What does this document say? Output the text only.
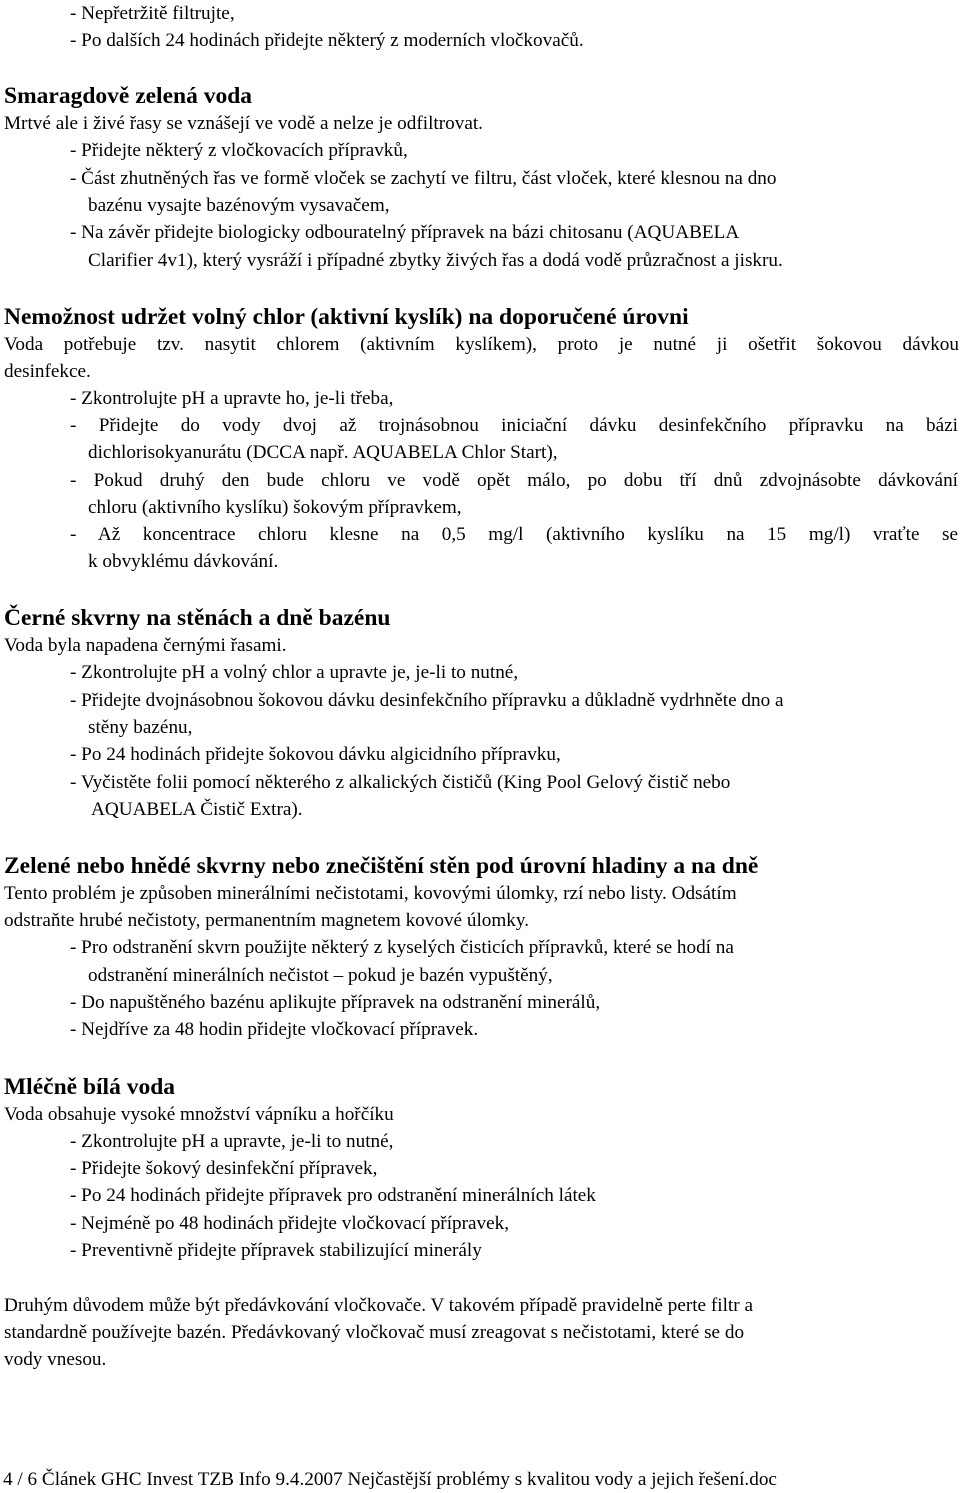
- Nepřetržitě filtrujte,
- Po dalších 24 hodinách přidejte některý z moderních vločkovačů.
Smaragdově zelená voda
Mrtvé ale i živé řasy se vznášejí ve vodě a nelze je odfiltrovat.
- Přidejte některý z vločkovacích přípravků,
- Část zhutněných řas ve formě vloček se zachytí ve filtru, část vloček, které klesnou na dno
bazénu vysajte bazénovým vysavačem,
- Na závěr přidejte biologicky odbouratelný přípravek na bázi chitosanu (AQUABELA
Clarifier 4v1), který vysráží i případné zbytky živých řas a dodá vodě průzračnost a jiskru.
Nemožnost udržet volný chlor (aktivní kyslík) na doporučené úrovni
Voda potřebuje tzv. nasytit chlorem (aktivním kyslíkem), proto je nutné ji ošetřit šokovou dávkou
desinfekce.
- Zkontrolujte pH a upravte ho, je-li třeba,
- Přidejte do vody dvoj až trojnásobnou iniciační dávku desinfekčního přípravku na bázi
dichlorisokyanurátu (DCCA např. AQUABELA Chlor Start),
- Pokud druhý den bude chloru ve vodě opět málo, po dobu tří dnů zdvojnásobte dávkování
chloru (aktivního kyslíku) šokovým přípravkem,
- Až koncentrace chloru klesne na 0,5 mg/l (aktivního kyslíku na 15 mg/l) vraťte se
k obvyklému dávkování.
Černé skvrny na stěnách a dně bazénu
Voda byla napadena černými řasami.
- Zkontrolujte pH a volný chlor a upravte je, je-li to nutné,
- Přidejte dvojnásobnou šokovou dávku desinfekčního přípravku a důkladně vydrhněte dno a
stěny bazénu,
- Po 24 hodinách přidejte šokovou dávku algicidního přípravku,
- Vyčistěte folii pomocí některého z alkalických čističů (King Pool Gelový čistič nebo
AQUABELA Čistič Extra).
Zelené nebo hnědé skvrny nebo znečištění stěn pod úrovní hladiny a na dně
Tento problém je způsoben minerálními nečistotami, kovovými úlomky, rzí nebo listy. Odsátím
odstraňte hrubé nečistoty, permanentním magnetem kovové úlomky.
- Pro odstranění skvrn použijte některý z kyselých čisticích přípravků, které se hodí na
odstranění minerálních nečistot – pokud je bazén vypuštěný,
- Do napuštěného bazénu aplikujte přípravek na odstranění minerálů,
- Nejdříve za 48 hodin přidejte vločkovací přípravek.
Mléčně bílá voda
Voda obsahuje vysoké množství vápníku a hořčíku
- Zkontrolujte pH a upravte, je-li to nutné,
- Přidejte šokový desinfekční přípravek,
- Po 24 hodinách přidejte přípravek pro odstranění minerálních látek
- Nejméně po 48 hodinách přidejte vločkovací přípravek,
- Preventivně přidejte přípravek stabilizující minerály
Druhým důvodem může být předávkování vločkovače. V takovém případě pravidelně perte filtr a
standardně používejte bazén. Předávkovaný vločkovač musí zreagovat s nečistotami, které se do
vody vnesou.
4 / 6 Článek GHC Invest TZB Info 9.4.2007 Nejčastější problémy s kvalitou vody a jejich řešení.doc
